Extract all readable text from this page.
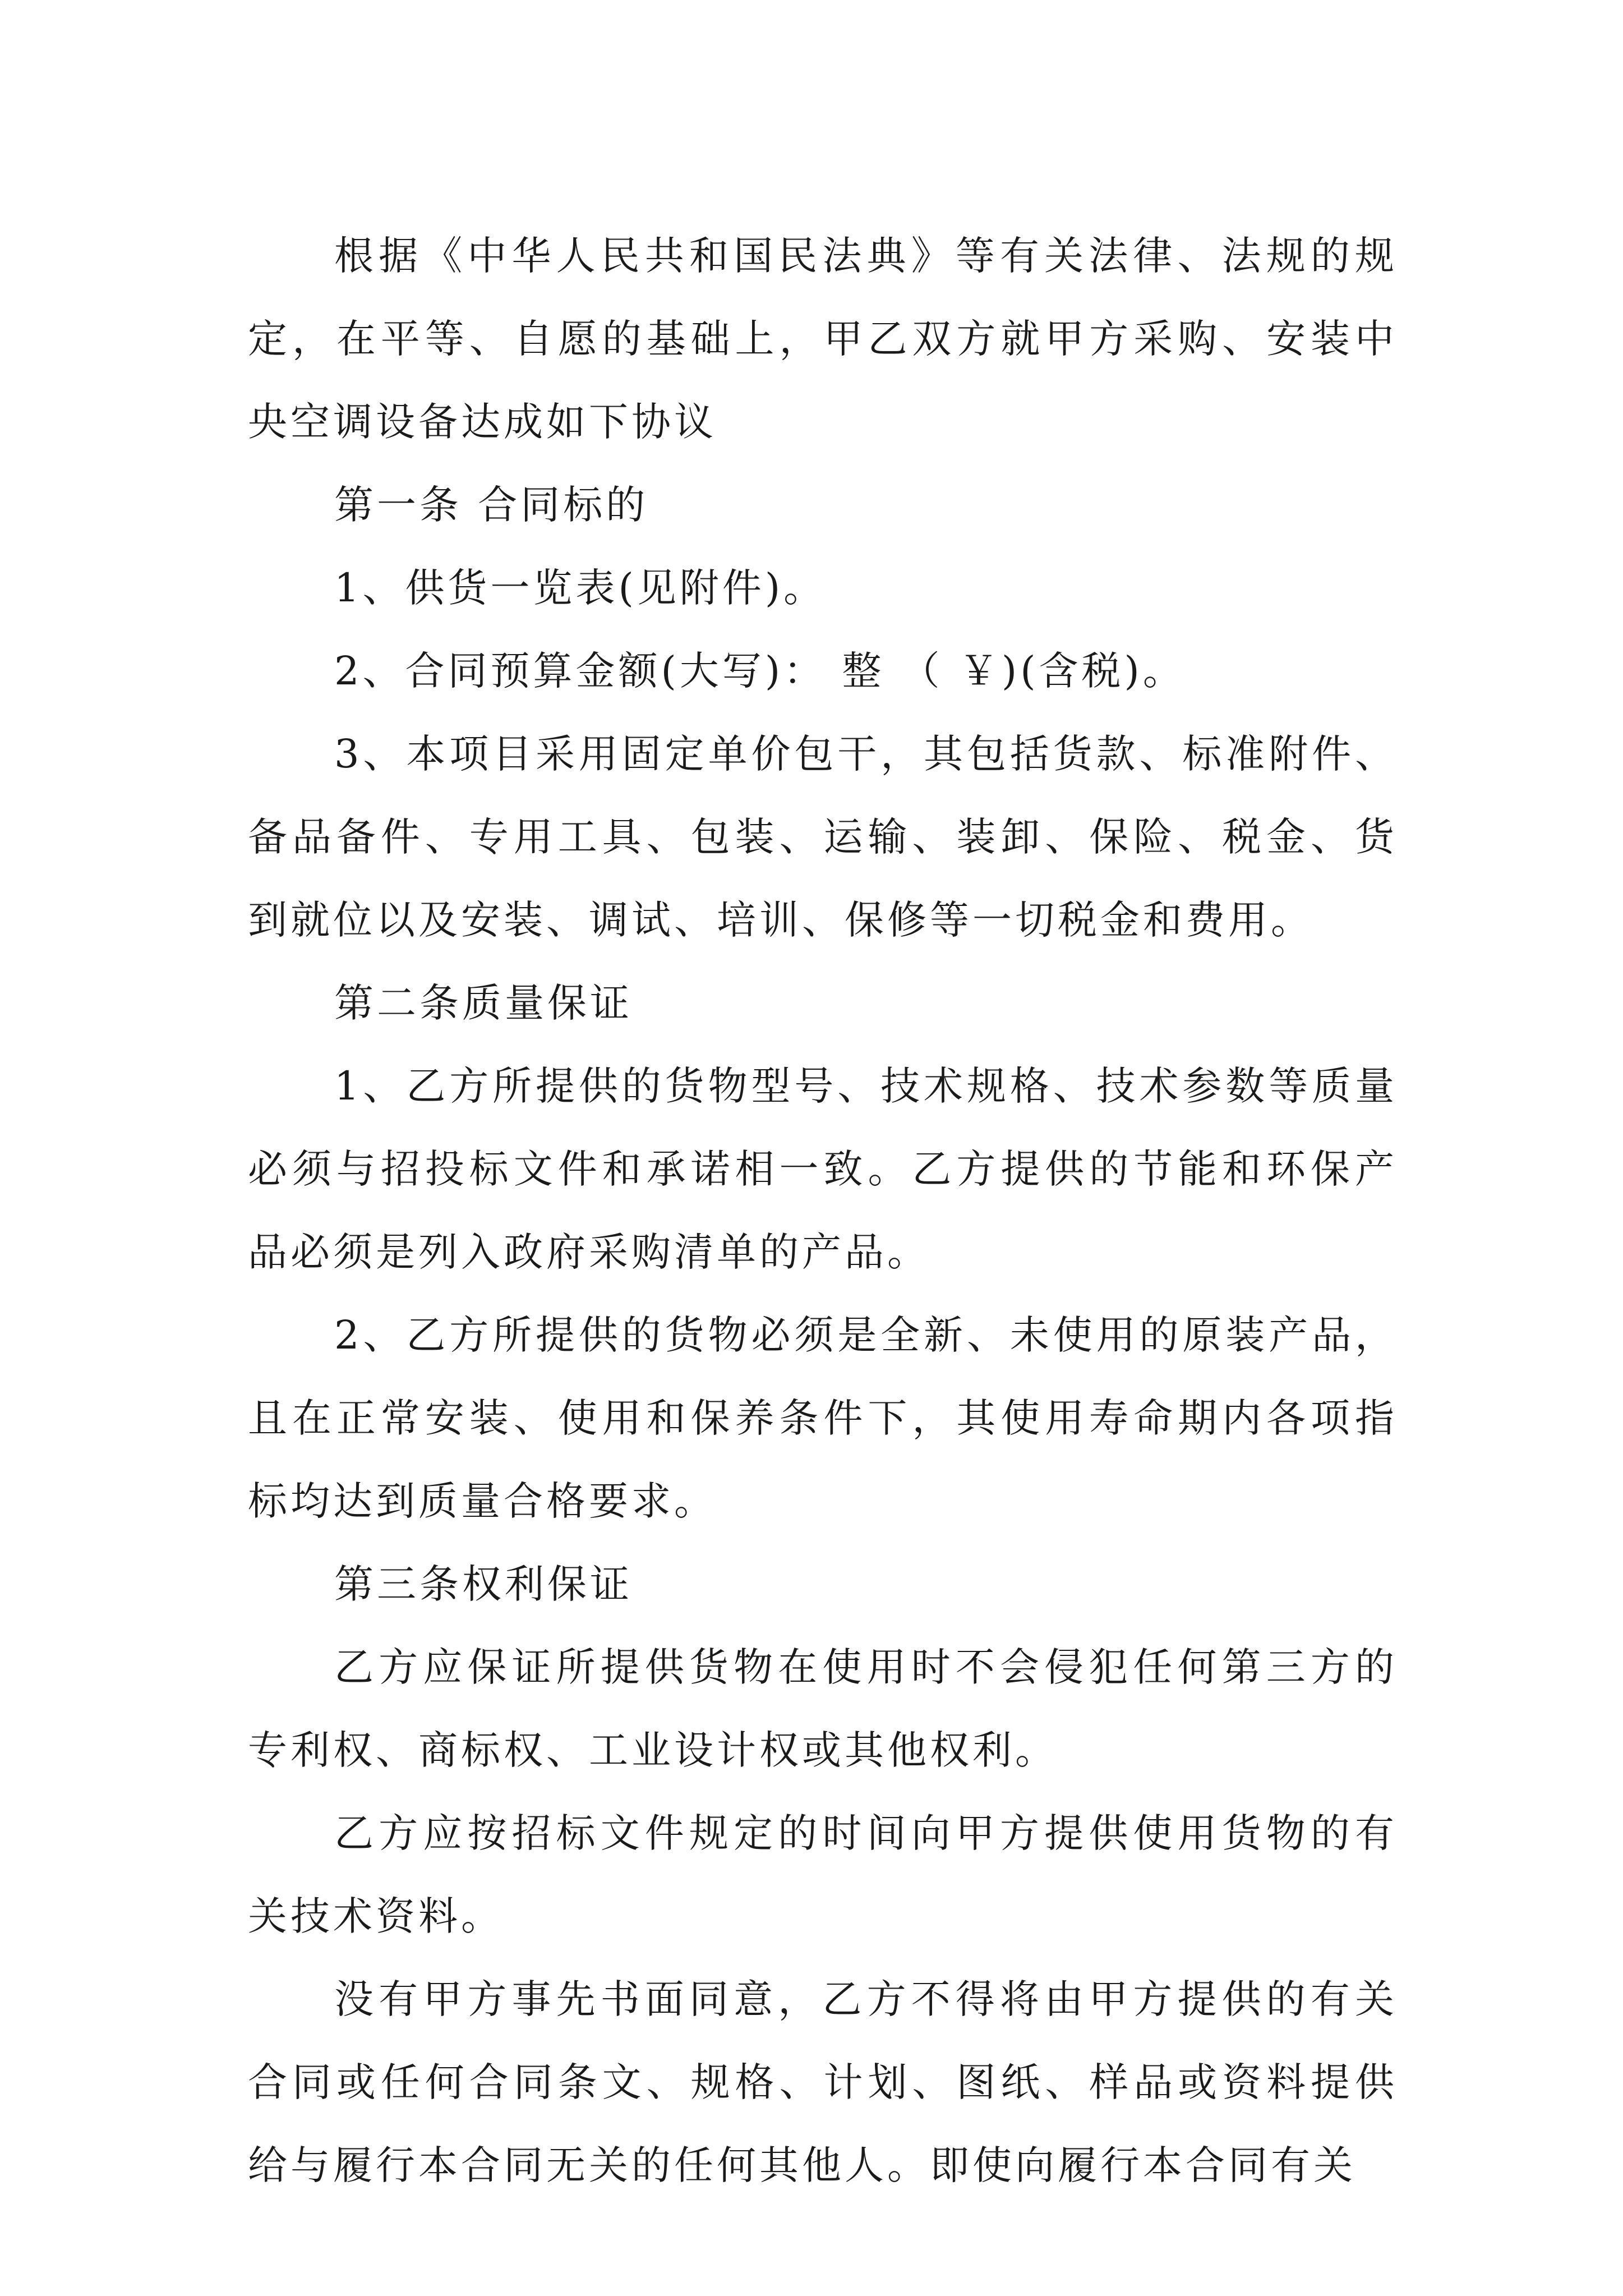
根据《中华人民共和国民法典》等有关法律、法规的规定，在平等、自愿的基础上，甲乙双方就甲方采购、安装中央空调设备达成如下协议

第一条 合同标的

1、供货一览表(见附件)。

2、合同预算金额(大写)： 整 （ ￥)(含税)。

3、本项目采用固定单价包干，其包括货款、标准附件、备品备件、专用工具、包装、运输、装卸、保险、税金、货到就位以及安装、调试、培训、保修等一切税金和费用。

第二条质量保证

1、乙方所提供的货物型号、技术规格、技术参数等质量必须与招投标文件和承诺相一致。乙方提供的节能和环保产品必须是列入政府采购清单的产品。

2、乙方所提供的货物必须是全新、未使用的原装产品，且在正常安装、使用和保养条件下，其使用寿命期内各项指标均达到质量合格要求。

第三条权利保证

乙方应保证所提供货物在使用时不会侵犯任何第三方的专利权、商标权、工业设计权或其他权利。

乙方应按招标文件规定的时间向甲方提供使用货物的有关技术资料。

没有甲方事先书面同意，乙方不得将由甲方提供的有关合同或任何合同条文、规格、计划、图纸、样品或资料提供给与履行本合同无关的任何其他人。即使向履行本合同有关
